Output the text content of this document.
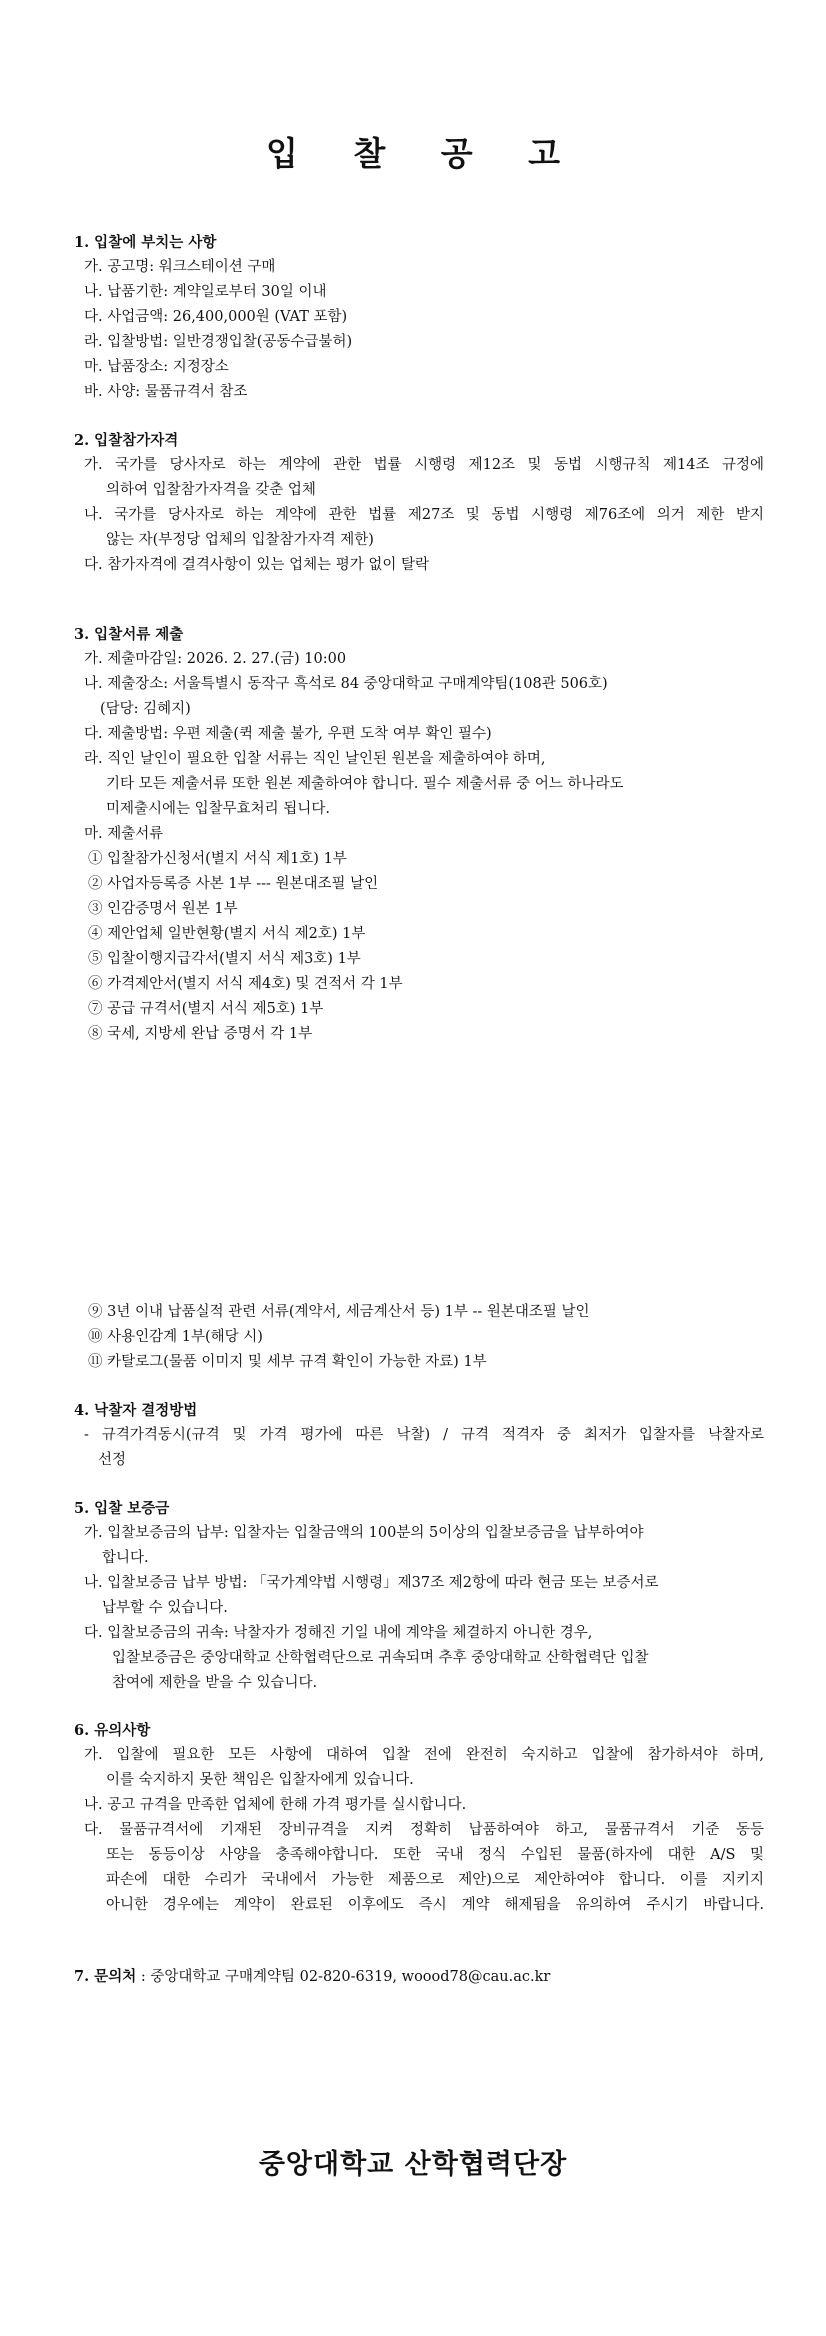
입 찰 공 고
1. 입찰에 부치는 사항
가. 공고명: 워크스테이션 구매
나. 납품기한: 계약일로부터 30일 이내
다. 사업금액: 26,400,000원 (VAT 포함)
라. 입찰방법: 일반경쟁입찰(공동수급불허)
마. 납품장소: 지정장소
바. 사양: 물품규격서 참조
2. 입찰참가자격
가. 국가를 당사자로 하는 계약에 관한 법률 시행령 제12조 및 동법 시행규칙 제14조 규정에
의하여 입찰참가자격을 갖춘 업체
나. 국가를 당사자로 하는 계약에 관한 법률 제27조 및 동법 시행령 제76조에 의거 제한 받지
않는 자(부정당 업체의 입찰참가자격 제한)
다. 참가자격에 결격사항이 있는 업체는 평가 없이 탈락
3. 입찰서류 제출
가. 제출마감일: 2026. 2. 27.(금) 10:00
나. 제출장소: 서울특별시 동작구 흑석로 84 중앙대학교 구매계약팀(108관 506호)
(담당: 김혜지)
다. 제출방법: 우편 제출(퀵 제출 불가, 우편 도착 여부 확인 필수)
라. 직인 날인이 필요한 입찰 서류는 직인 날인된 원본을 제출하여야 하며,
기타 모든 제출서류 또한 원본 제출하여야 합니다. 필수 제출서류 중 어느 하나라도
미제출시에는 입찰무효처리 됩니다.
마. 제출서류
① 입찰참가신청서(별지 서식 제1호) 1부
② 사업자등록증 사본 1부 --- 원본대조필 날인
③ 인감증명서 원본 1부
④ 제안업체 일반현황(별지 서식 제2호) 1부
⑤ 입찰이행지급각서(별지 서식 제3호) 1부
⑥ 가격제안서(별지 서식 제4호) 및 견적서 각 1부
⑦ 공급 규격서(별지 서식 제5호) 1부
⑧ 국세, 지방세 완납 증명서 각 1부
⑨ 3년 이내 납품실적 관련 서류(계약서, 세금계산서 등) 1부 -- 원본대조필 날인
⑩ 사용인감계 1부(해당 시)
⑪ 카탈로그(물품 이미지 및 세부 규격 확인이 가능한 자료) 1부
4. 낙찰자 결정방법
- 규격가격동시(규격 및 가격 평가에 따른 낙찰) / 규격 적격자 중 최저가 입찰자를 낙찰자로
선정
5. 입찰 보증금
가. 입찰보증금의 납부: 입찰자는 입찰금액의 100분의 5이상의 입찰보증금을 납부하여야
합니다.
나. 입찰보증금 납부 방법: 「국가계약법 시행령」제37조 제2항에 따라 현금 또는 보증서로
납부할 수 있습니다.
다. 입찰보증금의 귀속: 낙찰자가 정해진 기일 내에 계약을 체결하지 아니한 경우,
입찰보증금은 중앙대학교 산학협력단으로 귀속되며 추후 중앙대학교 산학협력단 입찰
참여에 제한을 받을 수 있습니다.
6. 유의사항
가. 입찰에 필요한 모든 사항에 대하여 입찰 전에 완전히 숙지하고 입찰에 참가하셔야 하며,
이를 숙지하지 못한 책임은 입찰자에게 있습니다.
나. 공고 규격을 만족한 업체에 한해 가격 평가를 실시합니다.
다. 물품규격서에 기재된 장비규격을 지켜 정확히 납품하여야 하고, 물품규격서 기준 동등
또는 동등이상 사양을 충족해야합니다. 또한 국내 정식 수입된 물품(하자에 대한 A/S 및
파손에 대한 수리가 국내에서 가능한 제품으로 제안)으로 제안하여야 합니다. 이를 지키지
아니한 경우에는 계약이 완료된 이후에도 즉시 계약 해제됨을 유의하여 주시기 바랍니다.
7. 문의처 : 중앙대학교 구매계약팀 02-820-6319, woood78@cau.ac.kr
중앙대학교 산학협력단장
